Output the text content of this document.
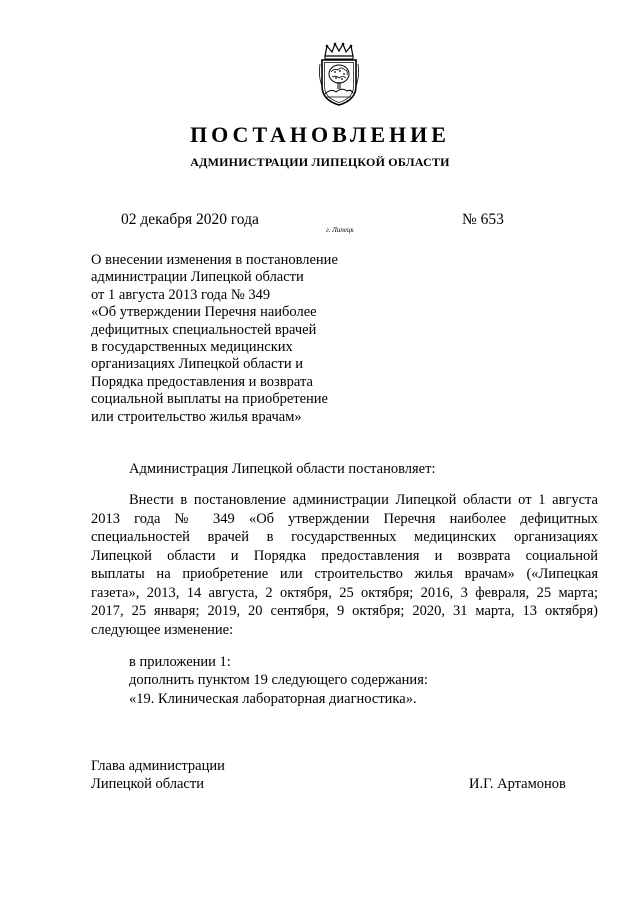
ПОСТАНОВЛЕНИЕ
АДМИНИСТРАЦИИ ЛИПЕЦКОЙ ОБЛАСТИ
02 декабря 2020 года
г. Липецк
№ 653
О внесении изменения в постановление
администрации Липецкой области
от 1 августа 2013 года № 349
«Об утверждении Перечня наиболее
дефицитных специальностей врачей
в государственных медицинских
организациях Липецкой области и
Порядка предоставления и возврата
социальной выплаты на приобретение
или строительство жилья врачам»
Администрация Липецкой области постановляет:
Внести в постановление администрации Липецкой области от 1 августа
2013 года № 349 «Об утверждении Перечня наиболее дефицитных
специальностей врачей в государственных медицинских организациях
Липецкой области и Порядка предоставления и возврата социальной
выплаты на приобретение или строительство жилья врачам» («Липецкая
газета», 2013, 14 августа, 2 октября, 25 октября; 2016, 3 февраля, 25 марта;
2017, 25 января; 2019, 20 сентября, 9 октября; 2020, 31 марта, 13 октября)
следующее изменение:
в приложении 1:
дополнить пунктом 19 следующего содержания:
«19. Клиническая лабораторная диагностика».
Глава администрации
Липецкой области	И.Г. Артамонов
